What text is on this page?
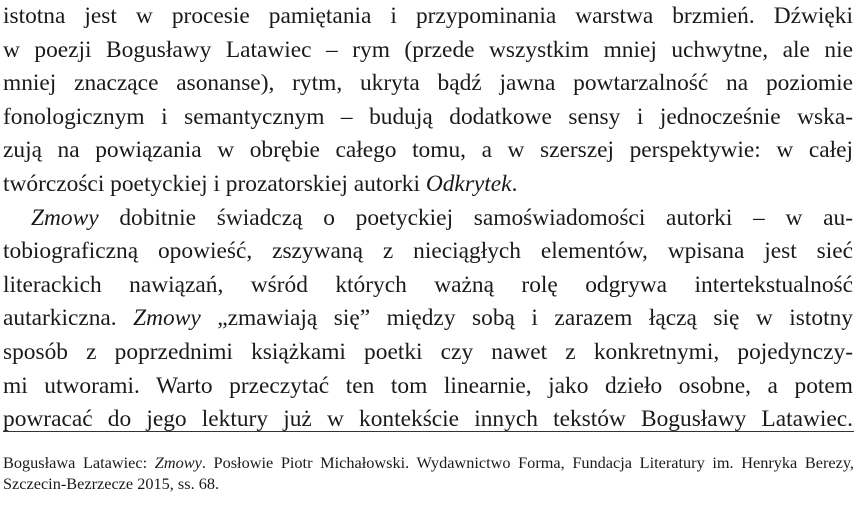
istotna jest w procesie pamiętania i przypominania warstwa brzmień. Dźwięki
w poezji Bogusławy Latawiec – rym (przede wszystkim mniej uchwytne, ale nie
mniej znaczące asonanse), rytm, ukryta bądź jawna powtarzalność na poziomie
fonologicznym i semantycznym – budują dodatkowe sensy i jednocześnie wska-
zują na powiązania w obrębie całego tomu, a w szerszej perspektywie: w całej
twórczości poetyckiej i prozatorskiej autorki Odkrytek.
Zmowy dobitnie świadczą o poetyckiej samoświadomości autorki – w au-
tobiograficzną opowieść, zszywaną z nieciągłych elementów, wpisana jest sieć
literackich nawiązań, wśród których ważną rolę odgrywa intertekstualność
autarkiczna. Zmowy „zmawiają się” między sobą i zarazem łączą się w istotny
sposób z poprzednimi książkami poetki czy nawet z konkretnymi, pojedynczy-
mi utworami. Warto przeczytać ten tom linearnie, jako dzieło osobne, a potem
powracać do jego lektury już w kontekście innych tekstów Bogusławy Latawiec.
Bogusława Latawiec: Zmowy. Posłowie Piotr Michałowski. Wydawnictwo Forma, Fundacja Literatury im. Henryka Berezy,
Szczecin-Bezrzecze 2015, ss. 68.
